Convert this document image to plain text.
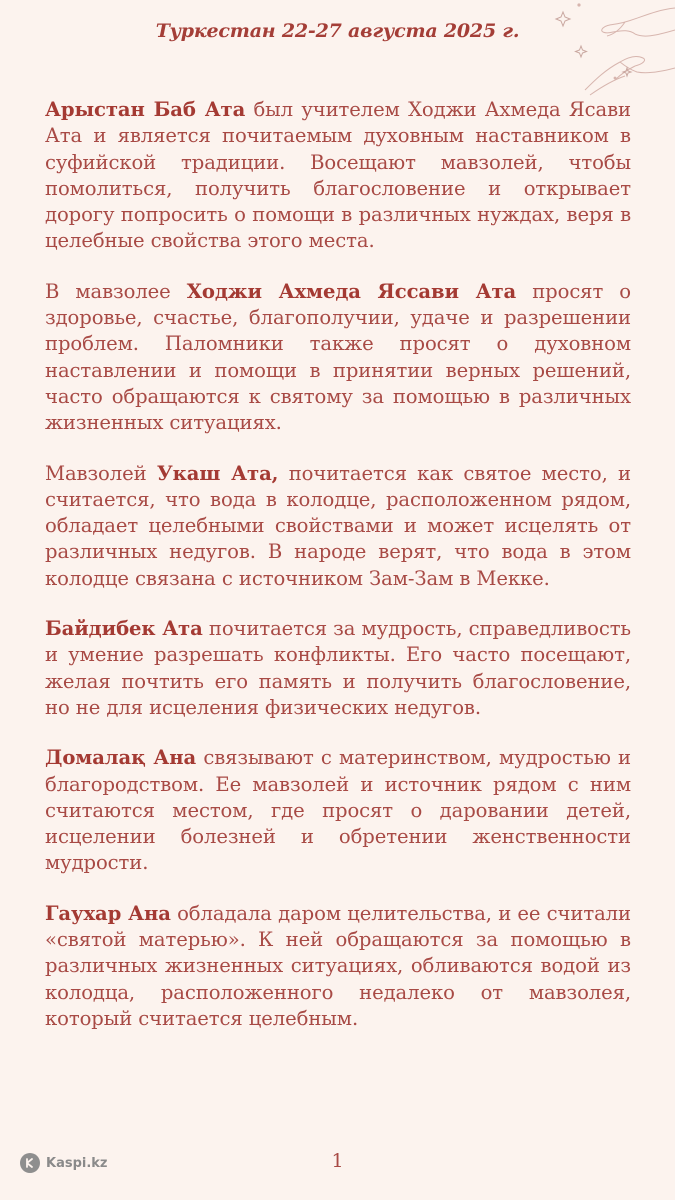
Туркестан 22-27 августа 2025 г.

Арыстан Баб Ата был учителем Ходжи Ахмеда Ясави Ата и является почитаемым духовным наставником в суфийской традиции. Восещают мавзолей, чтобы помолиться, получить благословение и открывает дорогу попросить о помощи в различных нуждах, веря в целебные свойства этого места.

В мавзолее Ходжи Ахмеда Яссави Ата просят о здоровье, счастье, благополучии, удаче и разрешении проблем. Паломники также просят о духовном наставлении и помощи в принятии верных решений, часто обращаются к святому за помощью в различных жизненных ситуациях.

Мавзолей Укаш Ата, почитается как святое место, и считается, что вода в колодце, расположенном рядом, обладает целебными свойствами и может исцелять от различных недугов. В народе верят, что вода в этом колодце связана с источником Зам-Зам в Мекке.

Байдибек Ата почитается за мудрость, справедливость и умение разрешать конфликты. Его часто посещают, желая почтить его память и получить благословение, но не для исцеления физических недугов.

Домалақ Ана связывают с материнством, мудростью и благородством. Ее мавзолей и источник рядом с ним считаются местом, где просят о даровании детей, исцелении болезней и обретении женственности мудрости.

Гаухар Ана обладала даром целительства, и ее считали «святой матерью». К ней обращаются за помощью в различных жизненных ситуациях, обливаются водой из колодца, расположенного недалеко от мавзолея, который считается целебным.

Kaspi.kz	1
